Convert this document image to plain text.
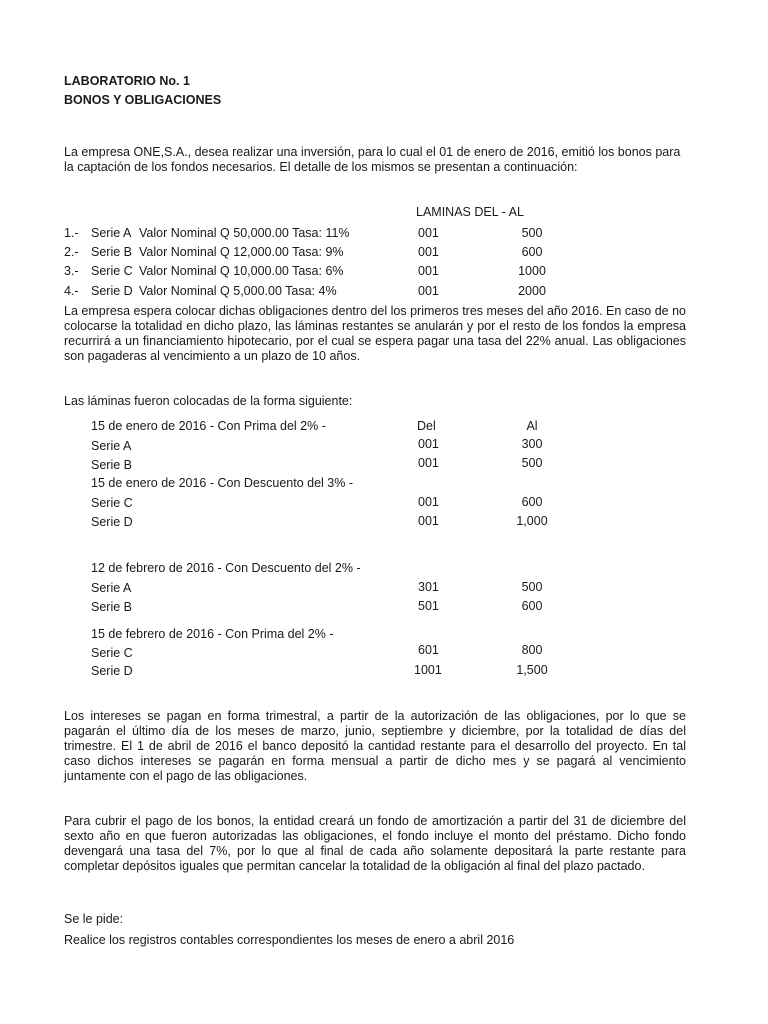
LABORATORIO No. 1
BONOS Y OBLIGACIONES
La empresa ONE,S.A., desea realizar una inversión, para lo cual el 01 de enero de 2016, emitió los bonos para la captación de los fondos necesarios. El detalle de los mismos se presentan a continuación:
LAMINAS DEL - AL
1.- Serie A Valor Nominal Q 50,000.00 Tasa: 11%	001	500
2.- Serie B Valor Nominal Q 12,000.00 Tasa: 9%	001	600
3.- Serie C Valor Nominal Q 10,000.00 Tasa: 6%	001	1000
4.- Serie D Valor Nominal Q 5,000.00 Tasa: 4%	001	2000
La empresa espera colocar dichas obligaciones dentro del los primeros tres meses del año 2016. En caso de no colocarse la totalidad en dicho plazo, las láminas restantes se anularán y por el resto de los fondos la empresa recurrirá a un financiamiento hipotecario, por el cual se espera pagar una tasa del 22% anual. Las obligaciones son pagaderas al vencimiento a un plazo de 10 años.
Las láminas fueron colocadas de la forma siguiente:
Del	Al
15 de enero de 2016 - Con Prima del 2% -
Serie A	001	300
Serie B	001	500
15 de enero de 2016 - Con Descuento del 3% -
Serie C	001	600
Serie D	001	1,000
12 de febrero de 2016 - Con Descuento del 2% -
Serie A	301	500
Serie B	501	600
15 de febrero de 2016 - Con Prima del 2% -
Serie C	601	800
Serie D	1001	1,500
Los intereses se pagan en forma trimestral, a partir de la autorización de las obligaciones, por lo que se pagarán el último día de los meses de marzo, junio, septiembre y diciembre, por la totalidad de días del trimestre. El 1 de abril de 2016 el banco depositó la cantidad restante para el desarrollo del proyecto. En tal caso dichos intereses se pagarán en forma mensual a partir de dicho mes y se pagará al vencimiento juntamente con el pago de las obligaciones.
Para cubrir el pago de los bonos, la entidad creará un fondo de amortización a partir del 31 de diciembre del sexto año en que fueron autorizadas las obligaciones, el fondo incluye el monto del préstamo. Dicho fondo devengará una tasa del 7%, por lo que al final de cada año solamente depositará la parte restante para completar depósitos iguales que permitan cancelar la totalidad de la obligación al final del plazo pactado.
Se le pide:
Realice los registros contables correspondientes los meses de enero a abril 2016
